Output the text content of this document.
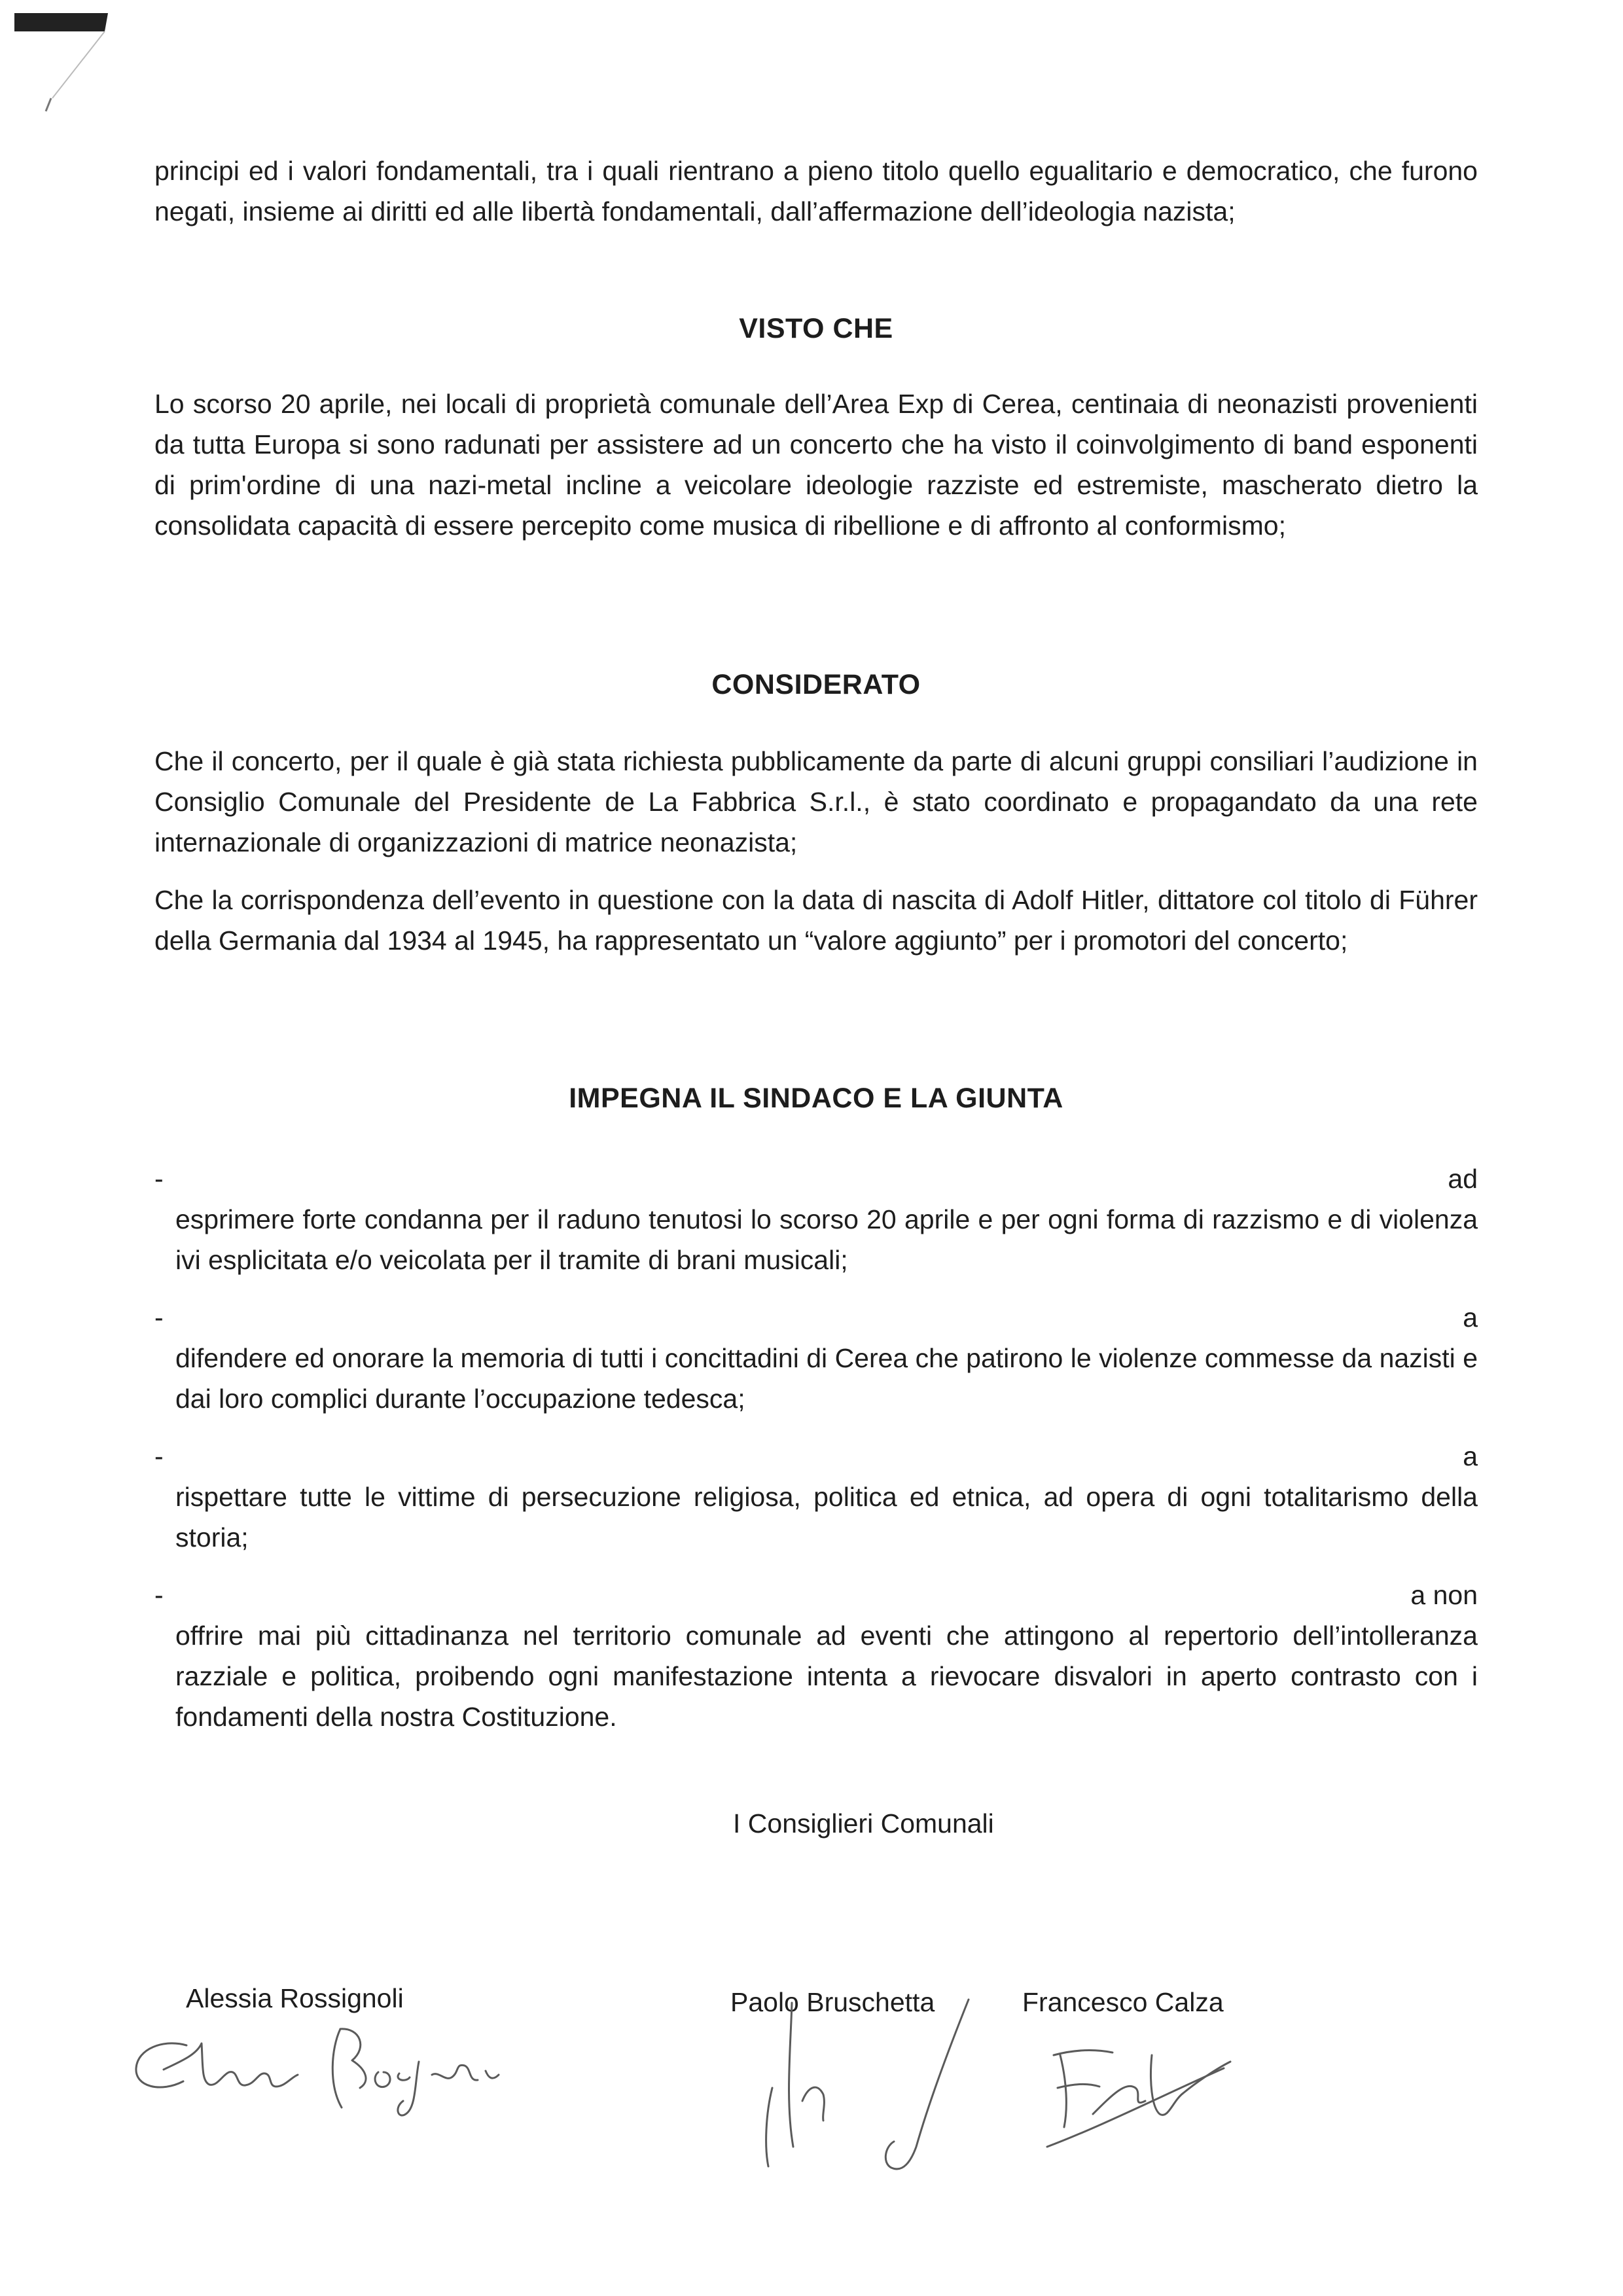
principi ed i valori fondamentali, tra i quali rientrano a pieno titolo quello egualitario e democratico, che furono negati, insieme ai diritti ed alle libertà fondamentali, dall’affermazione dell’ideologia nazista;

VISTO CHE

Lo scorso 20 aprile, nei locali di proprietà comunale dell’Area Exp di Cerea, centinaia di neonazisti provenienti da tutta Europa si sono radunati per assistere ad un concerto che ha visto il coinvolgimento di band esponenti di prim'ordine di una nazi-metal incline a veicolare ideologie razziste ed estremiste, mascherato dietro la consolidata capacità di essere percepito come musica di ribellione e di affronto al conformismo;

CONSIDERATO

Che il concerto, per il quale è già stata richiesta pubblicamente da parte di alcuni gruppi consiliari l’audizione in Consiglio Comunale del Presidente de La Fabbrica S.r.l., è stato coordinato e propagandato da una rete internazionale di organizzazioni di matrice neonazista;

Che la corrispondenza dell’evento in questione con la data di nascita di Adolf Hitler, dittatore col titolo di Führer della Germania dal 1934 al 1945, ha rappresentato un “valore aggiunto” per i promotori del concerto;

IMPEGNA IL SINDACO E LA GIUNTA
-	ad

esprimere forte condanna per il raduno tenutosi lo scorso 20 aprile e per ogni forma di razzismo e di violenza ivi esplicitata e/o veicolata per il tramite di brani musicali;

-	a

difendere ed onorare la memoria di tutti i concittadini di Cerea che patirono le violenze commesse da nazisti e dai loro complici durante l’occupazione tedesca;

-	a

rispettare tutte le vittime di persecuzione religiosa, politica ed etnica, ad opera di ogni totalitarismo della storia;

-	a non

offrire mai più cittadinanza nel territorio comunale ad eventi che attingono al repertorio dell’intolleranza razziale e politica, proibendo ogni manifestazione intenta a rievocare disvalori in aperto contrasto con i fondamenti della nostra Costituzione.

I Consiglieri Comunali
Alessia Rossignoli	Paolo Bruschetta	Francesco Calza
